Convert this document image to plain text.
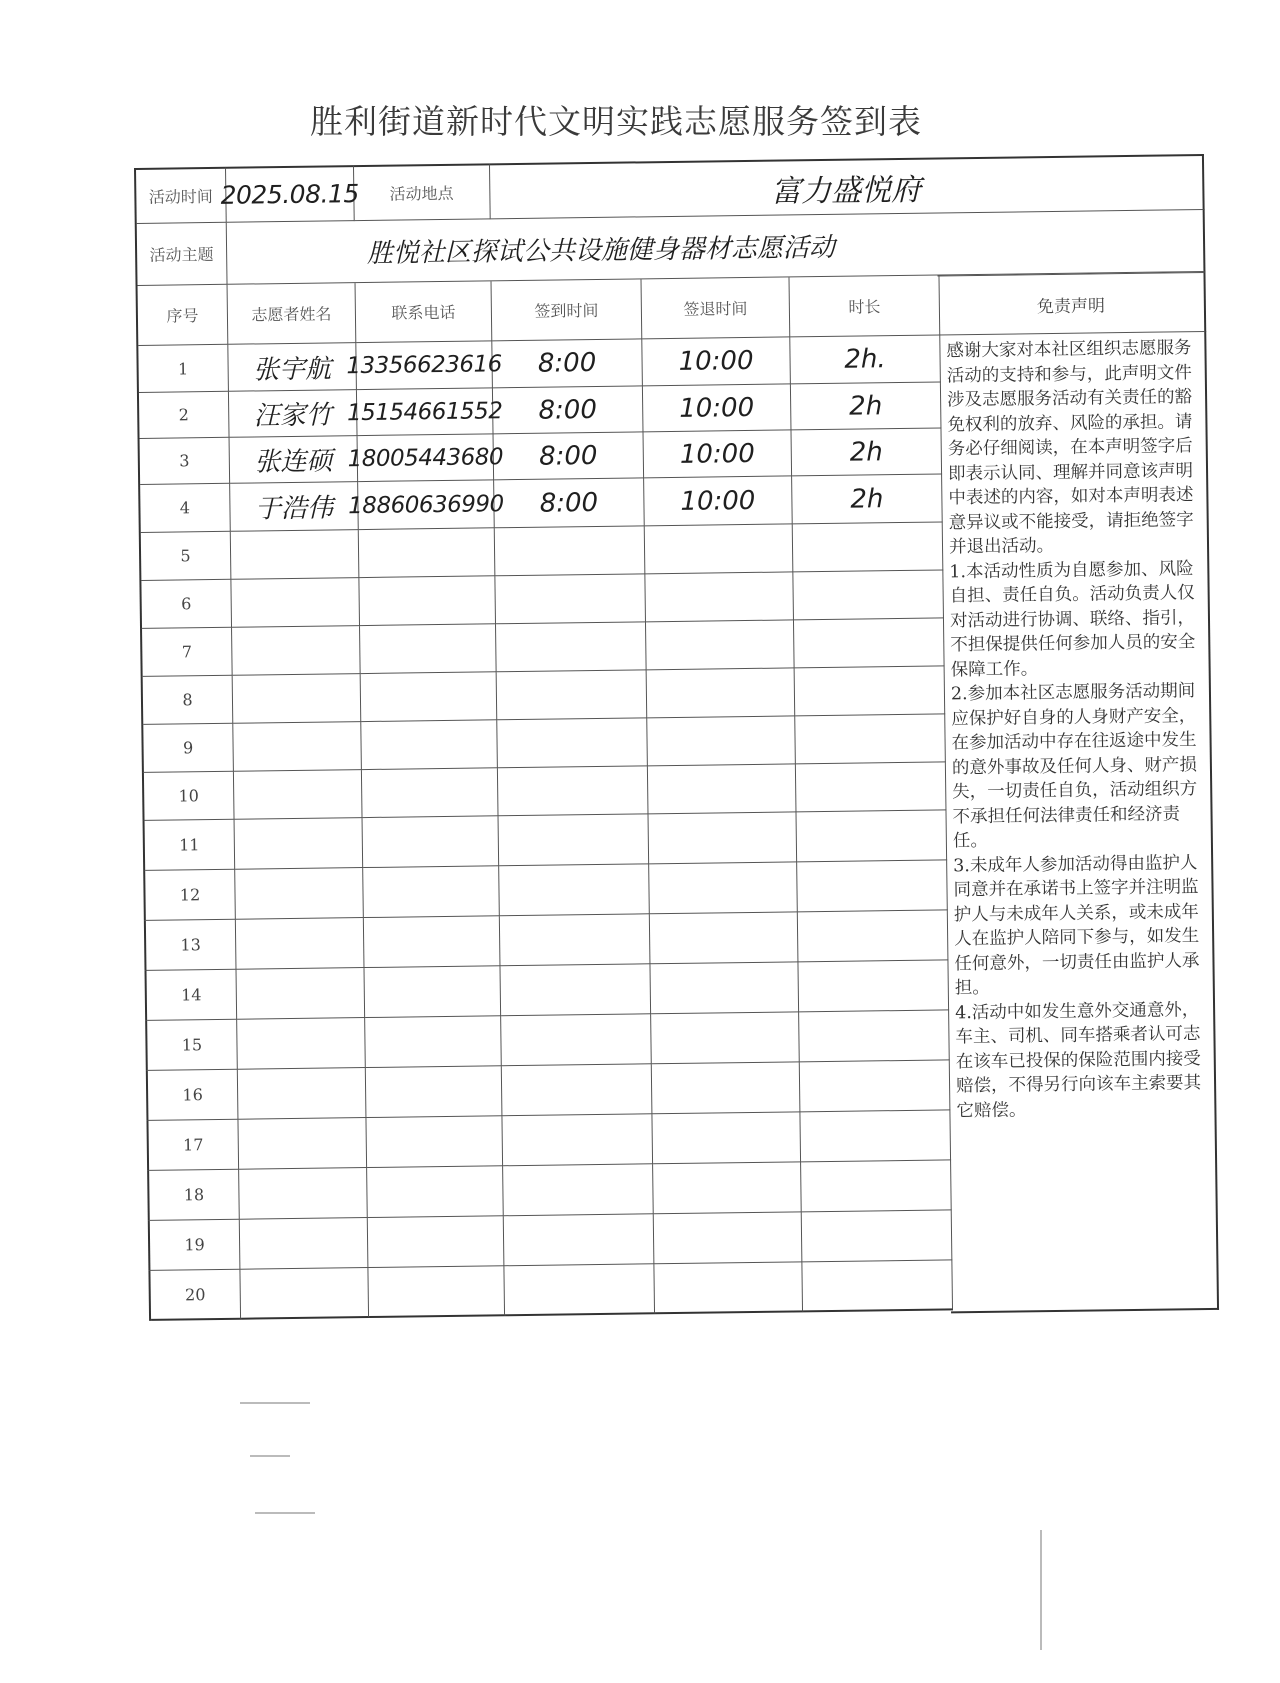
胜利街道新时代文明实践志愿服务签到表
活动时间 2025.08.15	活动地点	富力盛悦府
活动主题	胜悦社区探试公共设施健身器材志愿活动
序号	志愿者姓名	联系电话	签到时间	签退时间	时长
1	张宇航 13356623616	8:00	10:00	2h.
2	汪家竹 15154661552	8:00	10:00	2h
3	张连硕 18005443680	8:00	10:00	2h
4	于浩伟 18860636990	8:00	10:00	2h
5
6
7
8
9
10
11
12
13
14
15
16
17
18
19
20
免责声明

感谢大家对本社区组织志愿服务活动的支持和参与，此声明文件涉及志愿服务活动有关责任的豁免权利的放弃、风险的承担。请务必仔细阅读，在本声明签字后即表示认同、理解并同意该声明中表述的内容，如对本声明表述意异议或不能接受，请拒绝签字并退出活动。

1.本活动性质为自愿参加、风险自担、责任自负。活动负责人仅对活动进行协调、联络、指引，不担保提供任何参加人员的安全保障工作。

2.参加本社区志愿服务活动期间应保护好自身的人身财产安全，在参加活动中存在往返途中发生的意外事故及任何人身、财产损失，一切责任自负，活动组织方不承担任何法律责任和经济责任。

3.未成年人参加活动得由监护人同意并在承诺书上签字并注明监护人与未成年人关系，或未成年人在监护人陪同下参与，如发生任何意外，一切责任由监护人承担。

4.活动中如发生意外交通意外，车主、司机、同车搭乘者认可志在该车已投保的保险范围内接受赔偿，不得另行向该车主索要其它赔偿。
